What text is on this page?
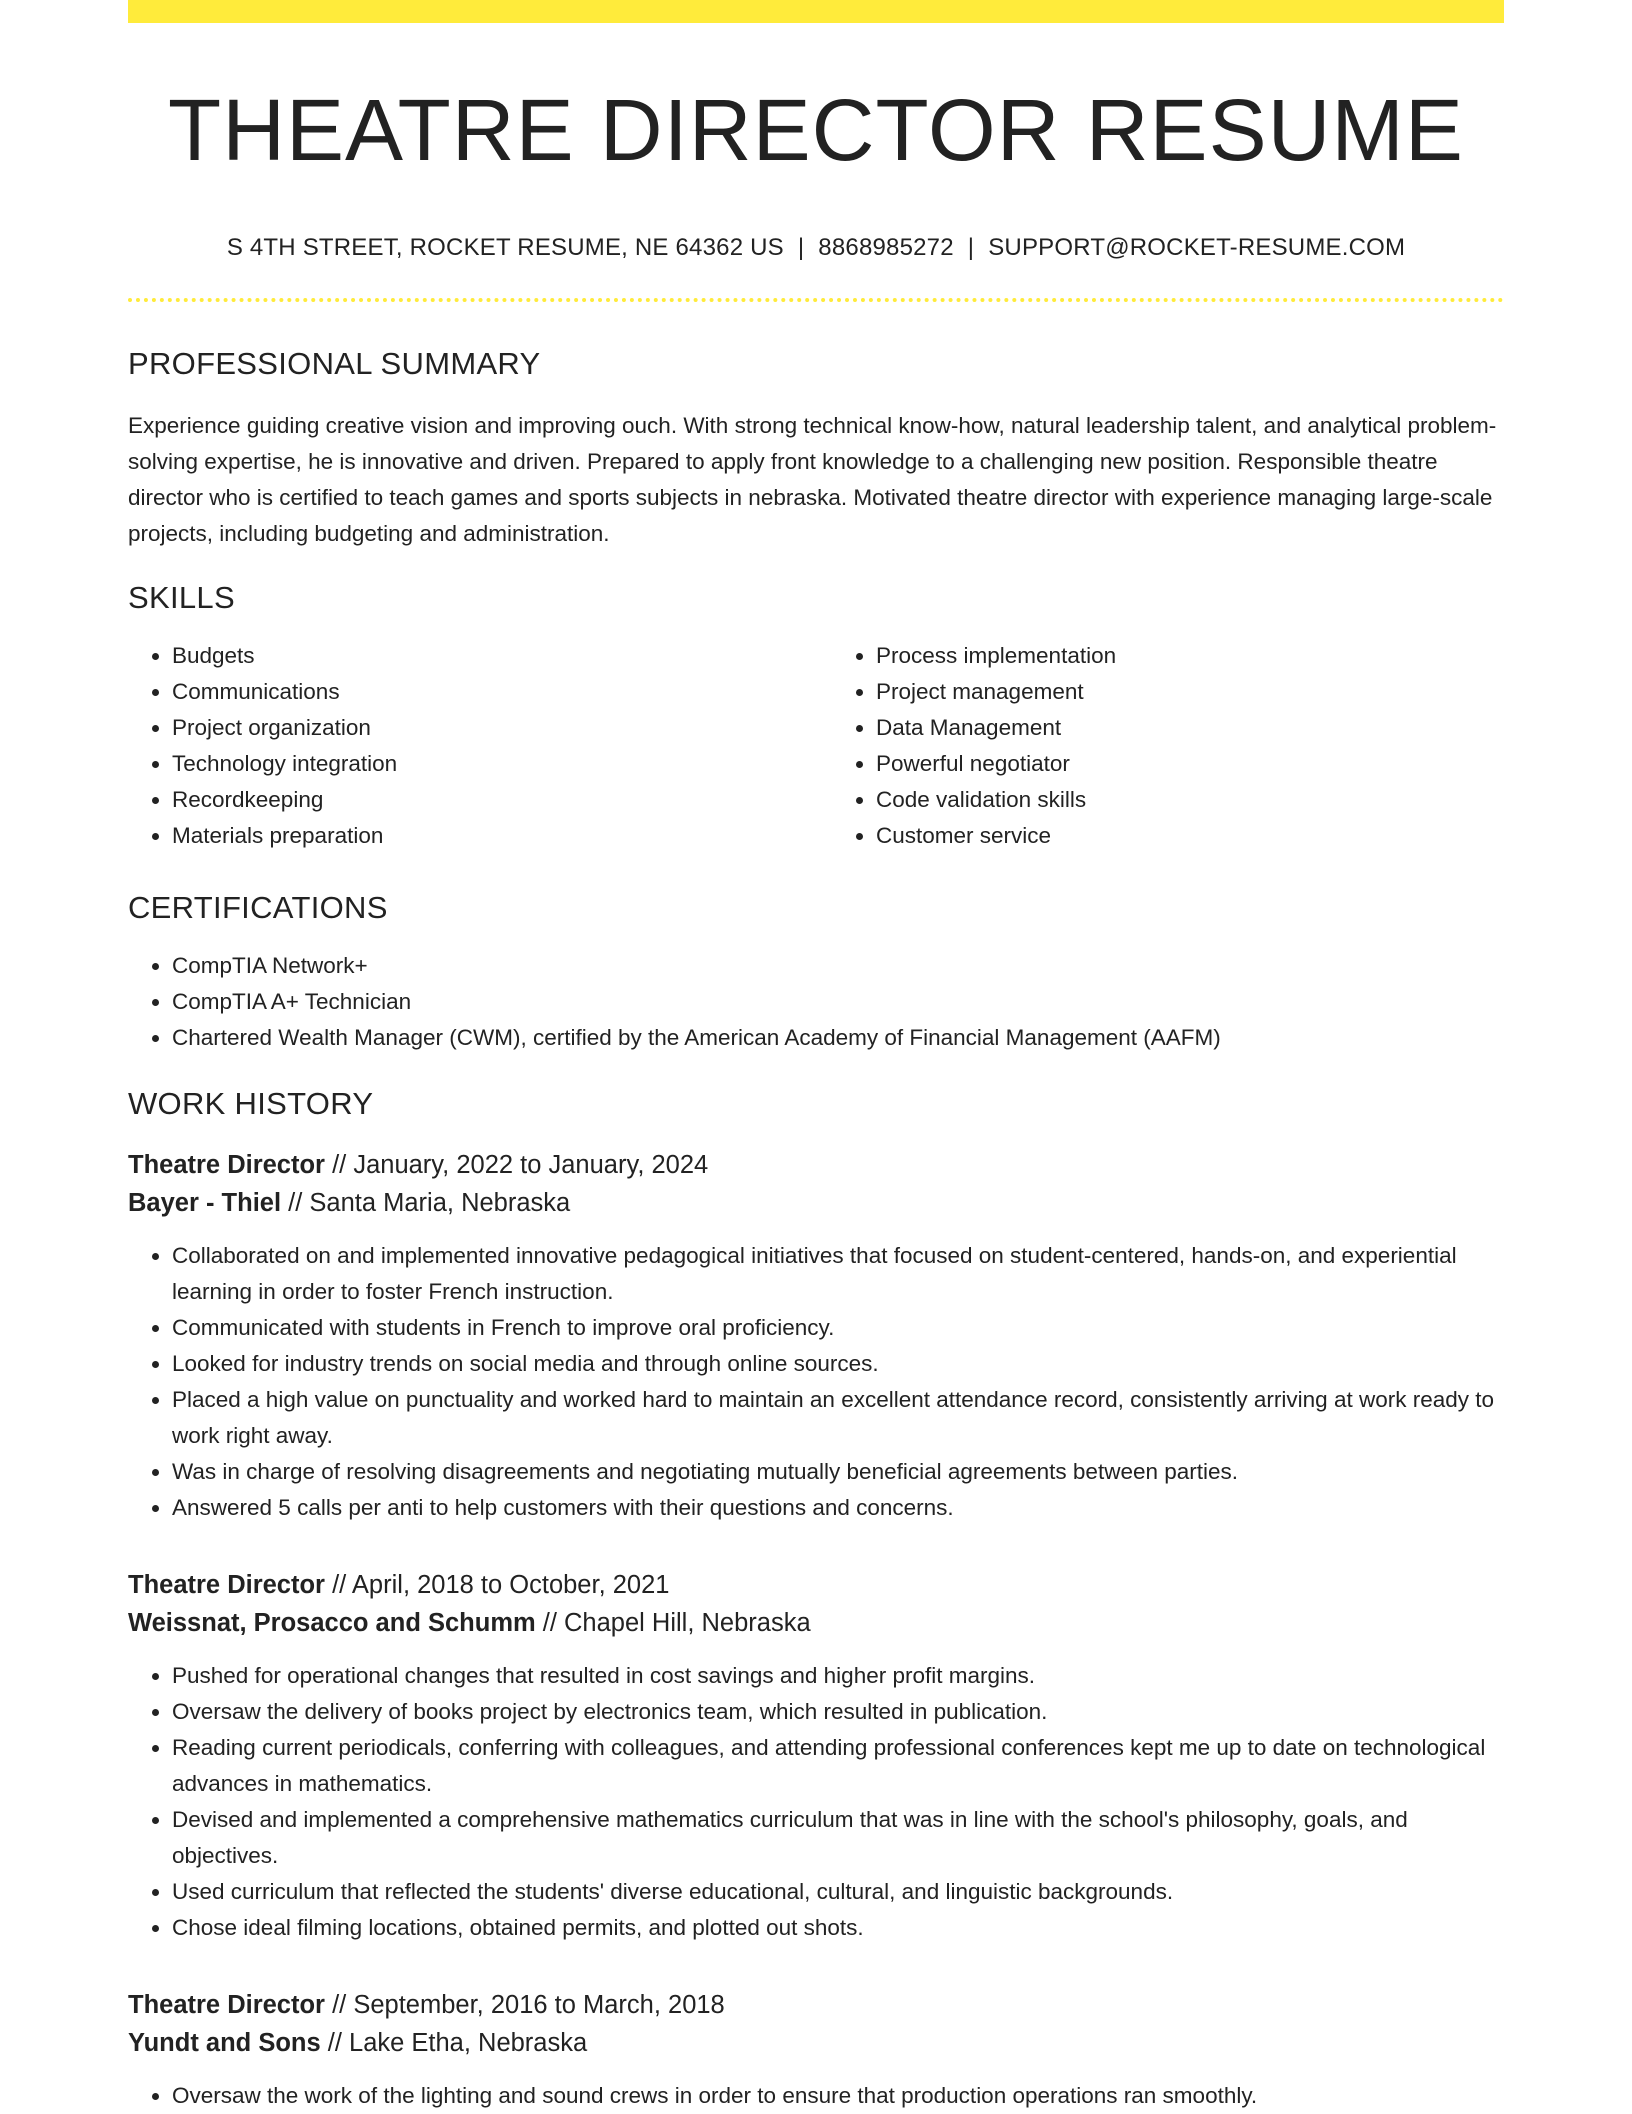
THEATRE DIRECTOR RESUME
S 4TH STREET, ROCKET RESUME, NE 64362 US | 8868985272 | SUPPORT@ROCKET-RESUME.COM
PROFESSIONAL SUMMARY

Experience guiding creative vision and improving ouch. With strong technical know-how, natural leadership talent, and analytical problem-solving expertise, he is innovative and driven. Prepared to apply front knowledge to a challenging new position. Responsible theatre director who is certified to teach games and sports subjects in nebraska. Motivated theatre director with experience managing large-scale projects, including budgeting and administration.

SKILLS
• Budgets
• Communications
• Project organization
• Technology integration
• Recordkeeping
• Materials preparation
• Process implementation
• Project management
• Data Management
• Powerful negotiator
• Code validation skills
• Customer service
CERTIFICATIONS
• CompTIA Network+
• CompTIA A+ Technician
• Chartered Wealth Manager (CWM), certified by the American Academy of Financial Management (AAFM)
WORK HISTORY
Theatre Director // January, 2022 to January, 2024
Bayer - Thiel // Santa Maria, Nebraska
• Collaborated on and implemented innovative pedagogical initiatives that focused on student-centered, hands-on, and experiential learning in order to foster French instruction.
• Communicated with students in French to improve oral proficiency.
• Looked for industry trends on social media and through online sources.
• Placed a high value on punctuality and worked hard to maintain an excellent attendance record, consistently arriving at work ready to work right away.
• Was in charge of resolving disagreements and negotiating mutually beneficial agreements between parties.
• Answered 5 calls per anti to help customers with their questions and concerns.
Theatre Director // April, 2018 to October, 2021
Weissnat, Prosacco and Schumm // Chapel Hill, Nebraska
• Pushed for operational changes that resulted in cost savings and higher profit margins.
• Oversaw the delivery of books project by electronics team, which resulted in publication.
• Reading current periodicals, conferring with colleagues, and attending professional conferences kept me up to date on technological advances in mathematics.
• Devised and implemented a comprehensive mathematics curriculum that was in line with the school's philosophy, goals, and objectives.
• Used curriculum that reflected the students' diverse educational, cultural, and linguistic backgrounds.
• Chose ideal filming locations, obtained permits, and plotted out shots.
Theatre Director // September, 2016 to March, 2018
Yundt and Sons // Lake Etha, Nebraska
• Oversaw the work of the lighting and sound crews in order to ensure that production operations ran smoothly.
